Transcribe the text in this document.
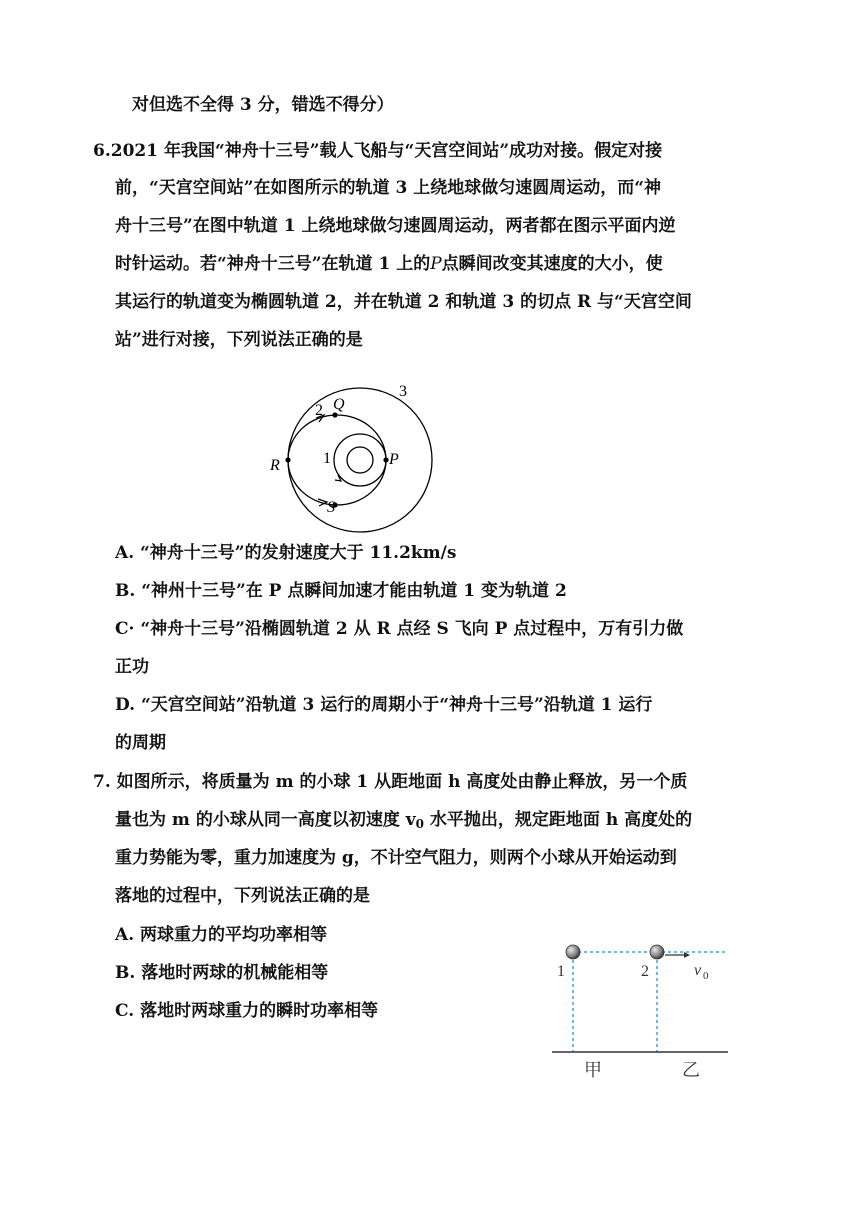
对但选不全得 3 分，错选不得分）
6.2021 年我国“神舟十三号”载人飞船与“天宫空间站”成功对接。假定对接
前，“天宫空间站”在如图所示的轨道 3 上绕地球做匀速圆周运动，而“神
舟十三号”在图中轨道 1 上绕地球做匀速圆周运动，两者都在图示平面内逆
时针运动。若“神舟十三号”在轨道 1 上的P点瞬间改变其速度的大小，使
其运行的轨道变为椭圆轨道 2，并在轨道 2 和轨道 3 的切点 R 与“天宫空间
站”进行对接，下列说法正确的是
3
2 Q
R	1	P
S
A. “神舟十三号”的发射速度大于 11.2km/s
B. “神州十三号”在 P 点瞬间加速才能由轨道 1 变为轨道 2
C· “神舟十三号”沿椭圆轨道 2 从 R 点经 S 飞向 P 点过程中，万有引力做
正功
D. “天宫空间站”沿轨道 3 运行的周期小于“神舟十三号”沿轨道 1 运行
的周期
7. 如图所示，将质量为 m 的小球 1 从距地面 h 高度处由静止释放，另一个质
量也为 m 的小球从同一高度以初速度 $v_0$ 水平抛出，规定距地面 h 高度处的
重力势能为零，重力加速度为 g，不计空气阻力，则两个小球从开始运动到
落地的过程中，下列说法正确的是
A. 两球重力的平均功率相等
B. 落地时两球的机械能相等
C. 落地时两球重力的瞬时功率相等
1	2	v 0
甲	乙
